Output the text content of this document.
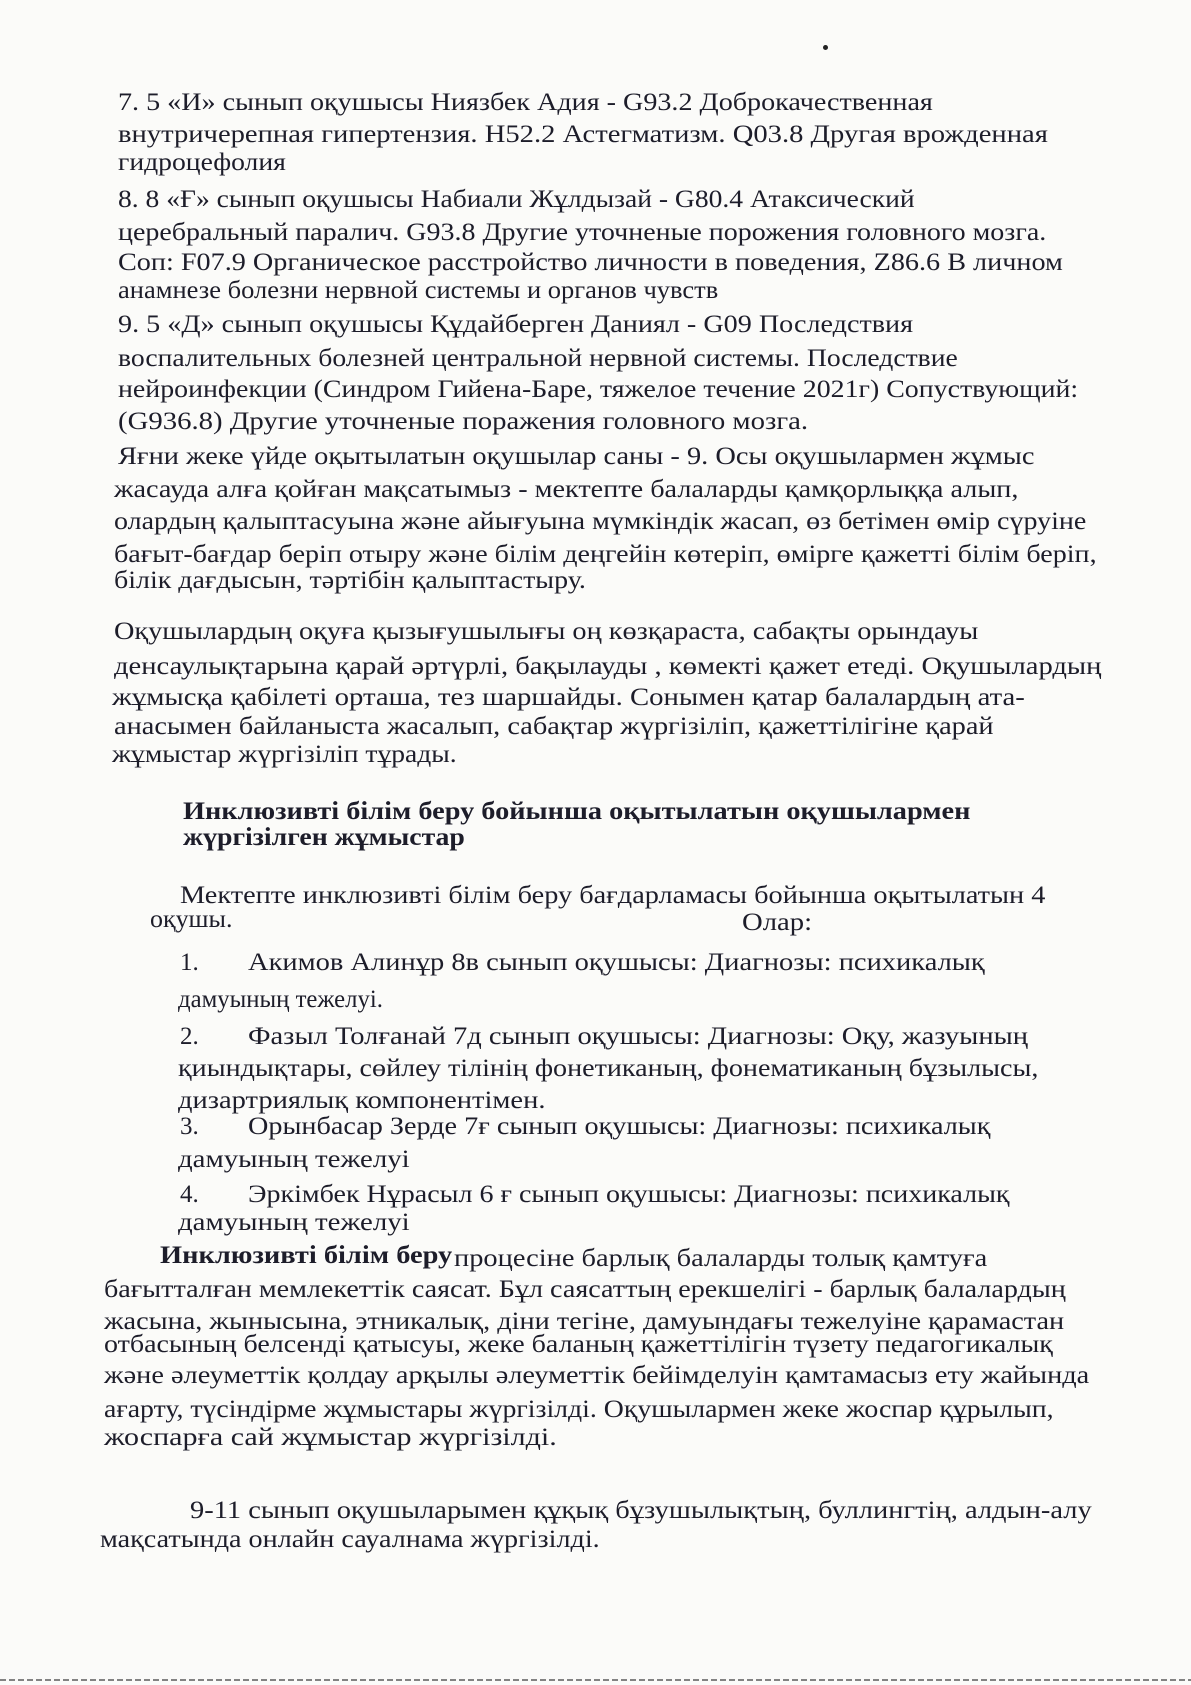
7. 5 «И» сынып оқушысы Ниязбек Адия - G93.2 Доброкачественная
внутричерепная гипертензия. H52.2 Астегматизм. Q03.8 Другая врожденная
гидроцефолия
8. 8 «Ғ» сынып оқушысы Набиали Жұлдызай - G80.4 Атаксический
церебральный паралич. G93.8 Другие уточненые порожения головного мозга.
Соп: F07.9 Органическое расстройство личности в поведения, Z86.6 В личном
анамнезе болезни нервной системы и органов чувств
9. 5 «Д» сынып оқушысы Құдайберген Даниял - G09 Последствия
воспалительных болезней центральной нервной системы. Последствие
нейроинфекции (Синдром Гийена-Баре, тяжелое течение 2021г) Сопуствующий:
(G936.8) Другие уточненые поражения головного мозга.
Яғни жеке үйде оқытылатын оқушылар саны - 9. Осы оқушылармен жұмыс
жасауда алға қойған мақсатымыз - мектепте балаларды қамқорлыққа алып,
олардың қалыптасуына және айығуына мүмкіндік жасап, өз бетімен өмір сүруіне
бағыт-бағдар беріп отыру және білім деңгейін көтеріп, өмірге қажетті білім беріп,
білік дағдысын, тәртібін қалыптастыру.
Оқушылардың оқуға қызығушылығы оң көзқараста, сабақты орындауы
денсаулықтарына қарай әртүрлі, бақылауды , көмекті қажет етеді. Оқушылардың
жұмысқа қабілеті орташа, тез шаршайды. Сонымен қатар балалардың ата-
анасымен байланыста жасалып, сабақтар жүргізіліп, қажеттілігіне қарай
жұмыстар жүргізіліп тұрады.
Инклюзивті білім беру бойынша оқытылатын оқушылармен
жүргізілген жұмыстар
Мектепте инклюзивті білім беру бағдарламасы бойынша оқытылатын 4
оқушы.	Олар:
1. Акимов Алинұр 8в сынып оқушысы: Диагнозы: психикалық
дамуының тежелуі.
2. Фазыл Толғанай 7д сынып оқушысы: Диагнозы: Оқу, жазуының
қиындықтары, сөйлеу тілінің фонетиканың, фонематиканың бұзылысы,
дизартриялық компонентімен.
3. Орынбасар Зерде 7ғ сынып оқушысы: Диагнозы: психикалық
дамуының тежелуі
4. Эркімбек Нұрасыл 6 ғ сынып оқушысы: Диагнозы: психикалық
дамуының тежелуі
Инклюзивті білім беру процесіне барлық балаларды толық қамтуға
бағытталған мемлекеттік саясат. Бұл саясаттың ерекшелігі - барлық балалардың
жасына, жынысына, этникалық, діни тегіне, дамуындағы тежелуіне қарамастан
отбасының белсенді қатысуы, жеке баланың қажеттілігін түзету педагогикалық
және әлеуметтік қолдау арқылы әлеуметтік бейімделуін қамтамасыз ету жайында
ағарту, түсіндірме жұмыстары жүргізілді. Оқушылармен жеке жоспар құрылып,
жоспарға сай жұмыстар жүргізілді.
9-11 сынып оқушыларымен құқық бұзушылықтың, буллингтің, алдын-алу
мақсатында онлайн сауалнама жүргізілді.
